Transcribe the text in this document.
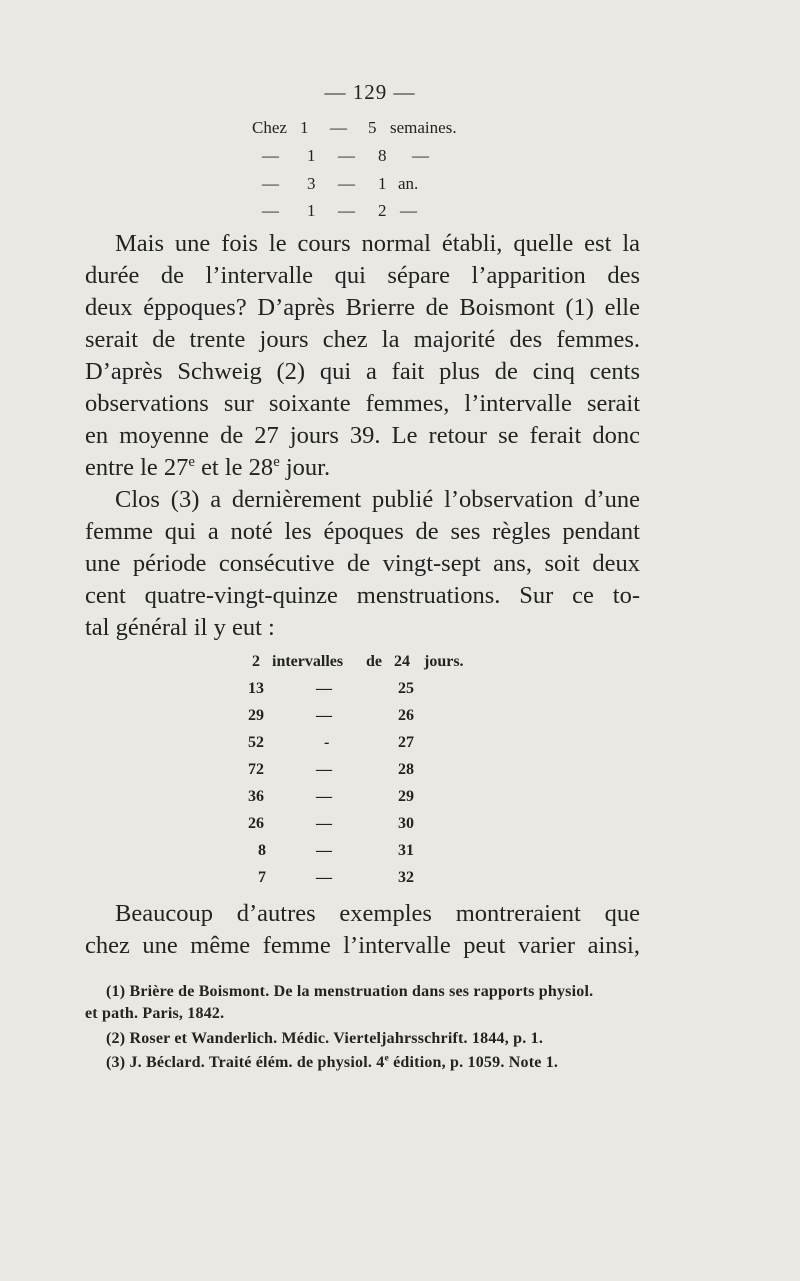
— 129 —
Chez 1 — 5 semaines.
— 1 — 8 —
— 3 — 1 an.
— 1 — 2 —
Mais une fois le cours normal établi, quelle est la
durée de l’intervalle qui sépare l’apparition des
deux éppoques? D’après Brierre de Boismont (1) elle
serait de trente jours chez la majorité des femmes.
D’après Schweig (2) qui a fait plus de cinq cents
observations sur soixante femmes, l’intervalle serait
en moyenne de 27 jours 39. Le retour se ferait donc
entre le 27e et le 28e jour.
Clos (3) a dernièrement publié l’observation d’une
femme qui a noté les époques de ses règles pendant
une période consécutive de vingt-sept ans, soit deux
cent quatre-vingt-quinze menstruations. Sur ce to-
tal général il y eut :
2 intervalles de 24 jours.
13	—	25
29	—	26
52	-	27
72	—	28
36	—	29
26	—	30
8	—	31
7	—	32
Beaucoup d’autres exemples montreraient que
chez une même femme l’intervalle peut varier ainsi,
(1) Brière de Boismont. De la menstruation dans ses rapports physiol.
et path. Paris, 1842.
(2) Roser et Wanderlich. Médic. Vierteljahrsschrift. 1844, p. 1.
(3) J. Béclard. Traité élém. de physiol. 4e édition, p. 1059. Note 1.
